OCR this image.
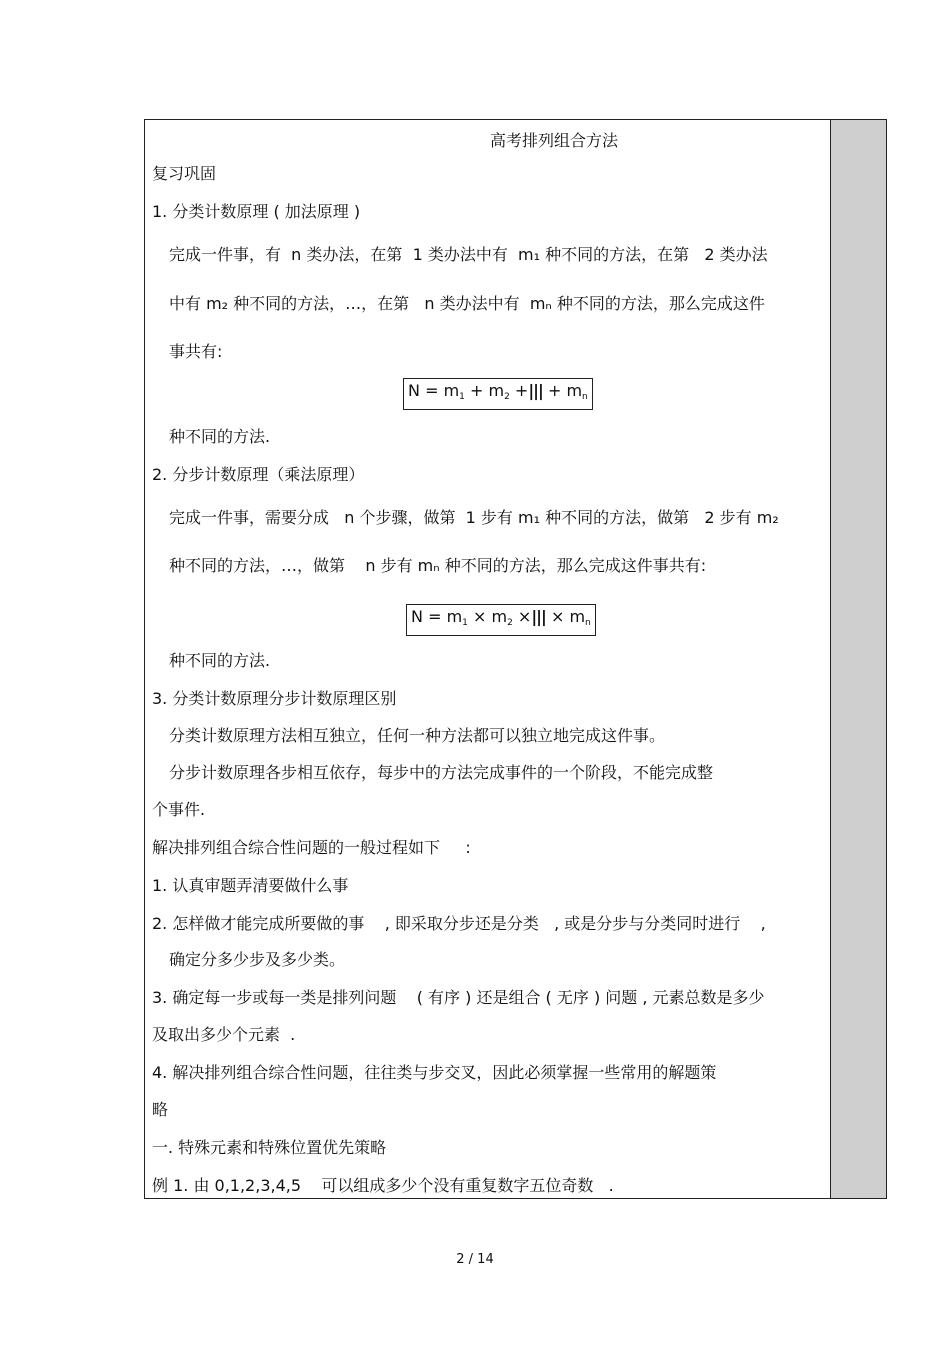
高考排列组合方法
复习巩固
1. 分类计数原理 ( 加法原理 )
完成一件事，有  n 类办法，在第  1 类办法中有  m₁ 种不同的方法，在第   2 类办法
中有 m₂ 种不同的方法，…，在第   n 类办法中有  mₙ 种不同的方法，那么完成这件
事共有:
$N = m_1 + m_2$ +||| + $m_n$
种不同的方法.
2. 分步计数原理（乘法原理）
完成一件事，需要分成   n 个步骤，做第  1 步有 m₁ 种不同的方法，做第   2 步有 m₂
种不同的方法，…，做第    n 步有 mₙ 种不同的方法，那么完成这件事共有:
$N = m_1 \times m_2$ ×||| × $m_n$
种不同的方法.
3. 分类计数原理分步计数原理区别
分类计数原理方法相互独立，任何一种方法都可以独立地完成这件事。
分步计数原理各步相互依存，每步中的方法完成事件的一个阶段，不能完成整
个事件.
解决排列组合综合性问题的一般过程如下     :
1. 认真审题弄清要做什么事
2. 怎样做才能完成所要做的事    , 即采取分步还是分类   , 或是分步与分类同时进行    ,
确定分多少步及多少类。
3. 确定每一步或每一类是排列问题    ( 有序 ) 还是组合 ( 无序 ) 问题 , 元素总数是多少
及取出多少个元素  .
4. 解决排列组合综合性问题，往往类与步交叉，因此必须掌握一些常用的解题策
略
一. 特殊元素和特殊位置优先策略
例 1. 由 0,1,2,3,4,5    可以组成多少个没有重复数字五位奇数   .
2 / 14
